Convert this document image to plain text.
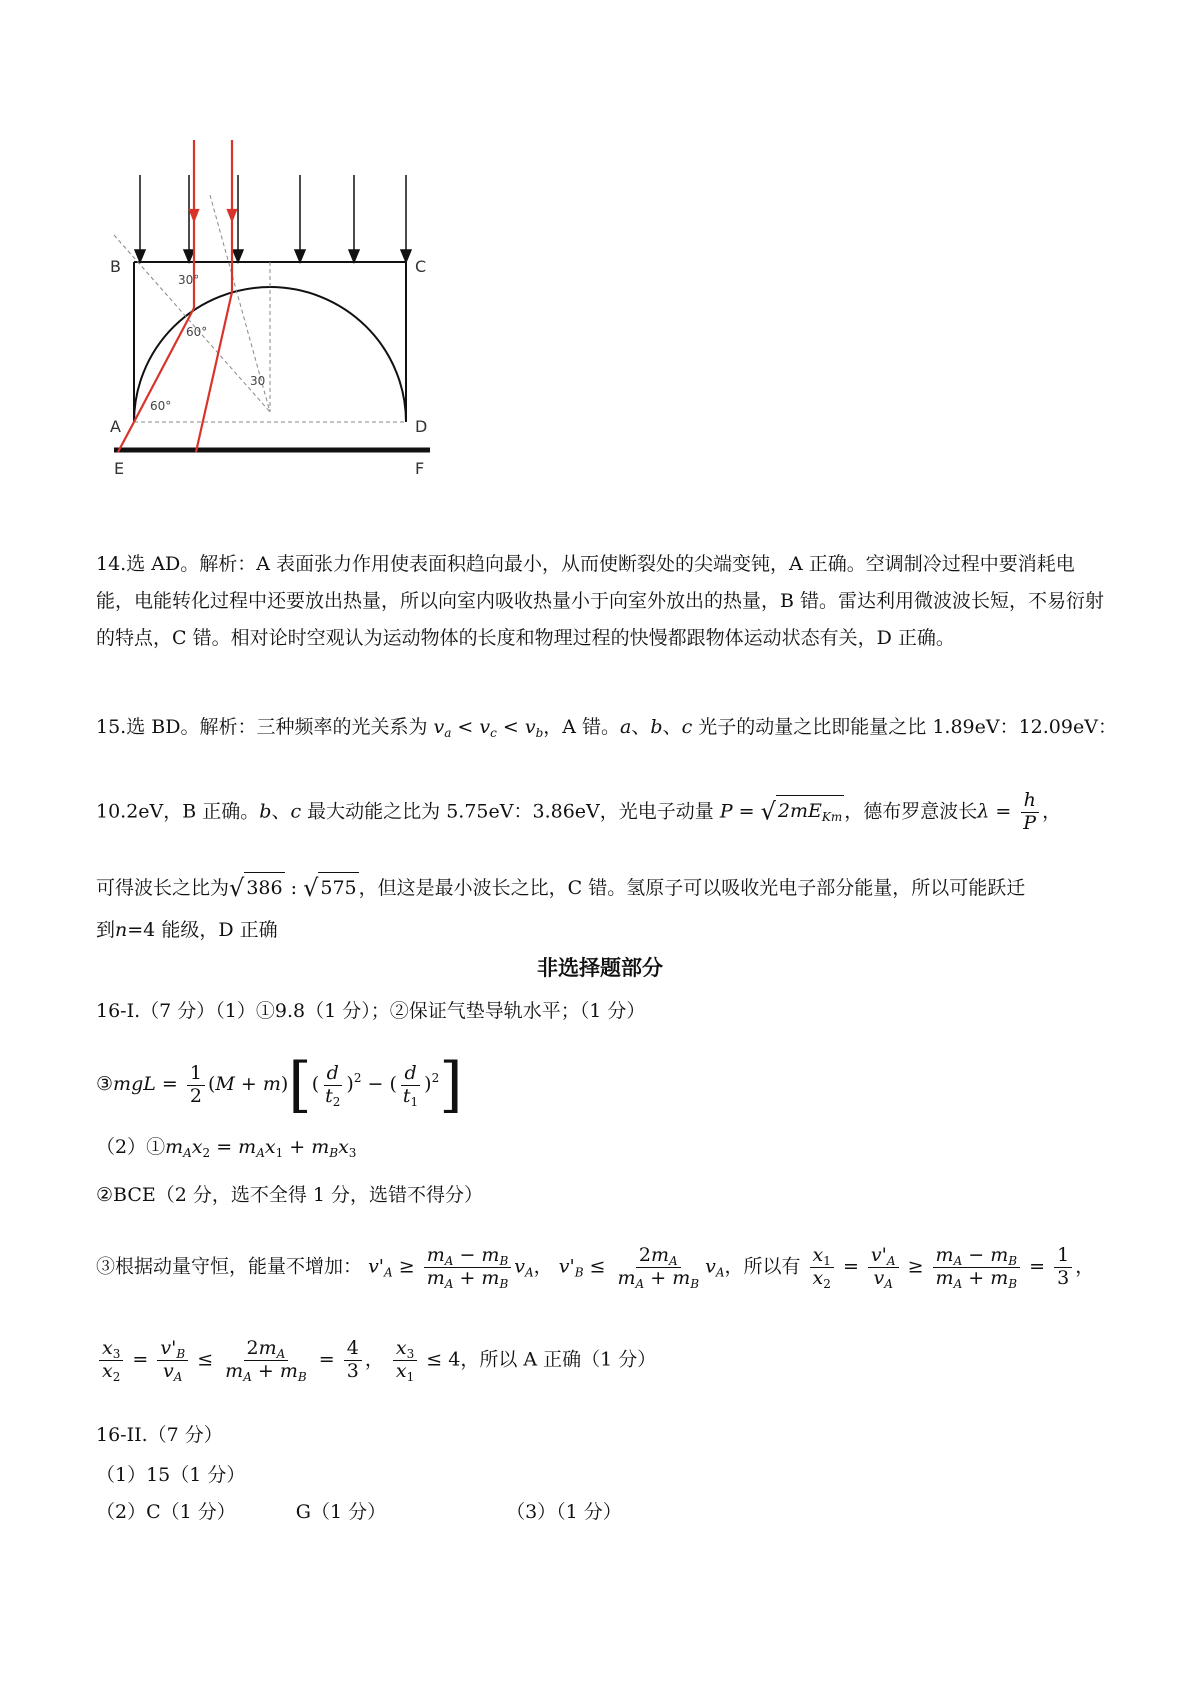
30°
60°
30
60°
B	C
A	D
E	F

14.选 AD。解析：A 表面张力作用使表面积趋向最小，从而使断裂处的尖端变钝，A 正确。空调制冷过程中要消耗电能，电能转化过程中还要放出热量，所以向室内吸收热量小于向室外放出的热量，B 错。雷达利用微波波长短，不易衍射的特点，C 错。相对论时空观认为运动物体的长度和物理过程的快慢都跟物体运动状态有关，D 正确。

15.选 BD。解析：三种频率的光关系为 $v_a < v_c < v_b$，A 错。a、b、c 光子的动量之比即能量之比 1.89eV：12.09eV：
10.2eV，B 正确。b、c 最大动能之比为 5.75eV：3.86eV，光电子动量 P = √ $2mE_{Km}$ ，德布罗意波长$\lambda = \frac{h}{P}$ ，
可得波长之比为√ 386 : √ 575 ，但这是最小波长之比，C 错。氢原子可以吸收光电子部分能量，所以可能跃迁
到n=4 能级，D 正确
非选择题部分
16-I.（7 分）（1）①9.8（1 分）；②保证气垫导轨水平；（1 分）
③mgL = $\frac{1}{2} (M + m)[( \frac{d}{t_2} )^2$ − ( $\frac{d}{t_1} )^2$]
$(2)①m_Ax_2 = m_Ax_1 + m_Bx_3$
②BCE（2 分，选不全得 1 分，选错不得分）
③根据动量守恒，能量不增加： $v'_A \ge \frac{m_A - m_B}{m_A + m_B} v_A$， $v'_B \le \frac{2m_A}{m_A + m_B} v_A$，所以有 $\frac{x_1}{x_2} = \frac{v'_A}{v_A} \ge \frac{m_A - m_B}{m_A + m_B} = \frac{1}{3}$ ，
$\frac{x_3}{x_2} = \frac{v'_B}{v_A} \le \frac{2m_A}{m_A + m_B} = \frac{4}{3}$ ， $\frac{x_3}{x_1} \le 4$，所以 A 正确（1 分）
16-II.（7 分）
（1）15（1 分）
（2）C（1 分）	G（1 分）	（3）（1 分）
